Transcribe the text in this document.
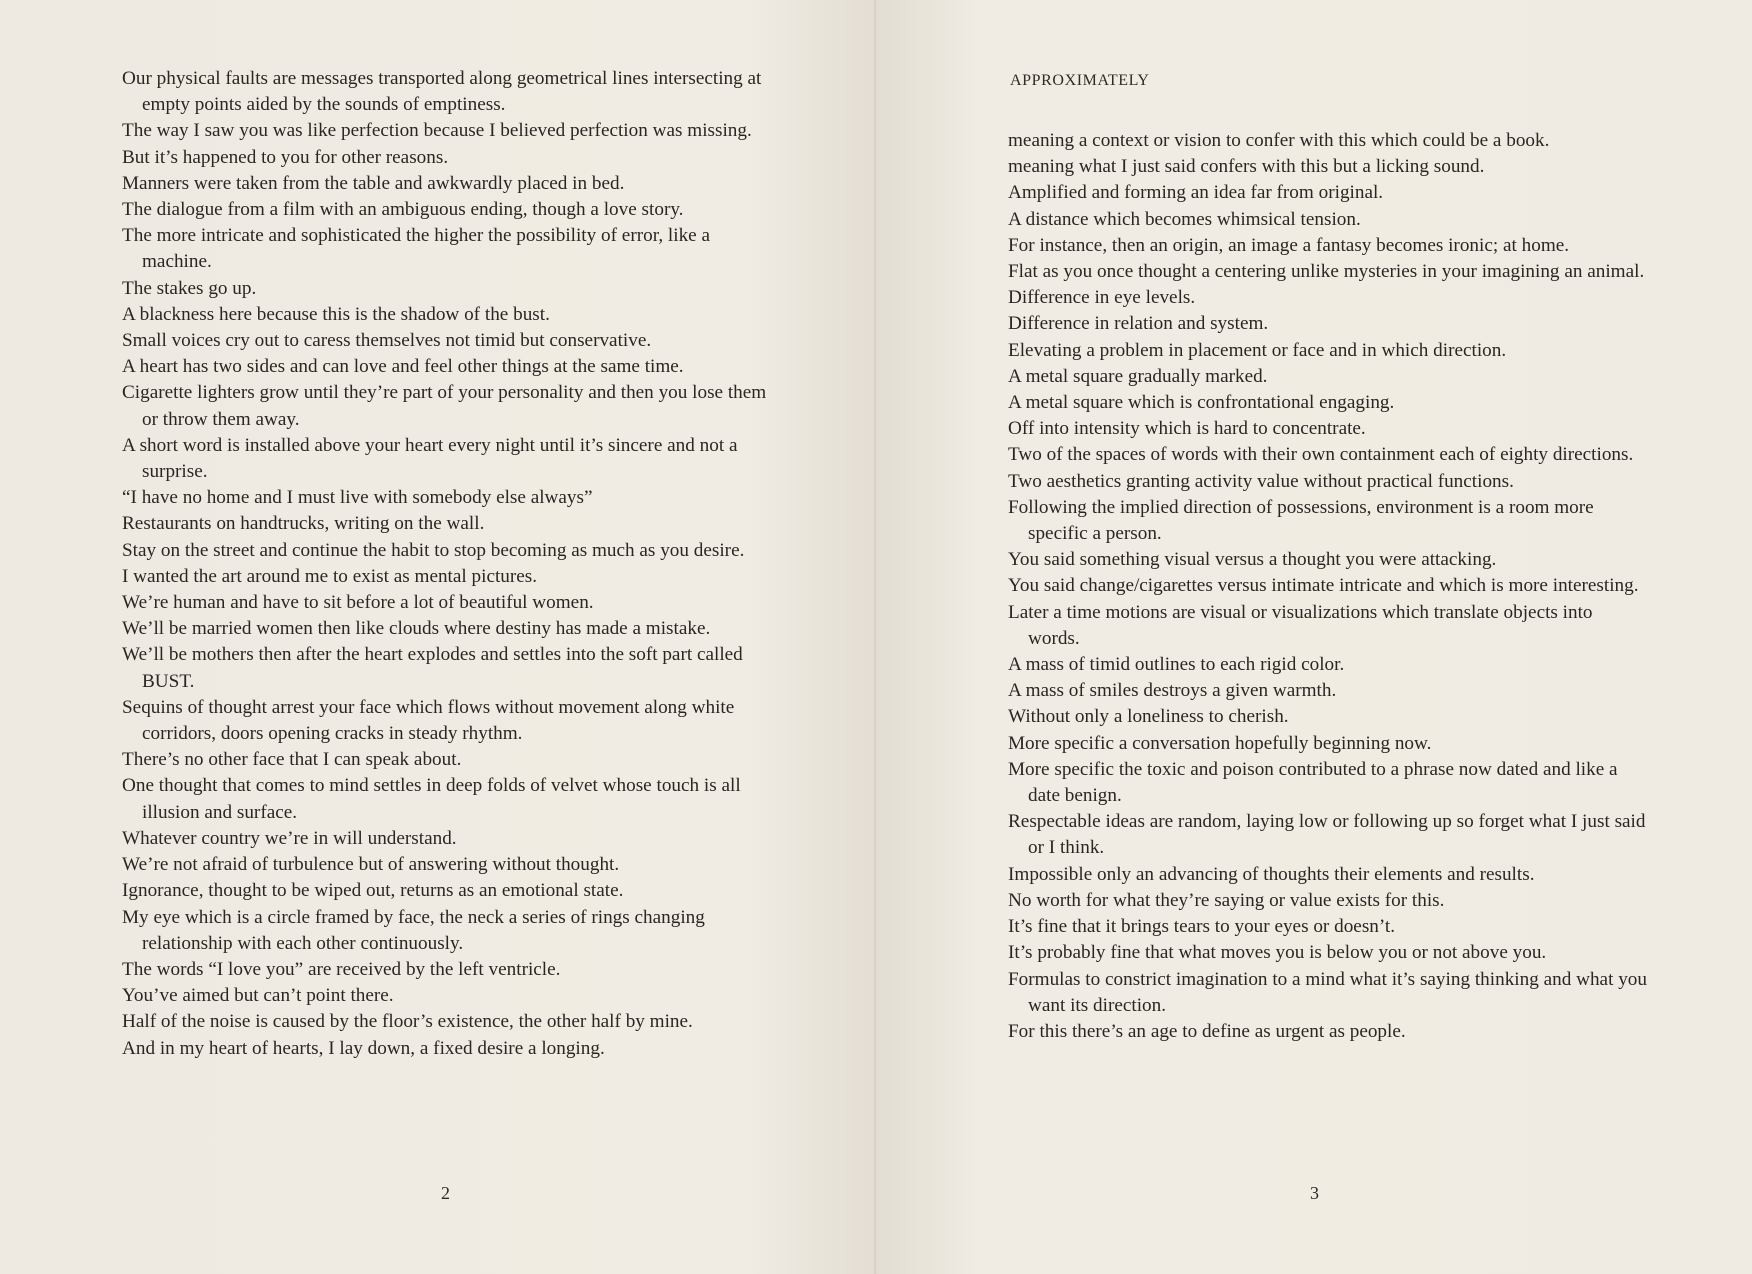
Our physical faults are messages transported along geometrical lines intersecting at empty points aided by the sounds of emptiness.
The way I saw you was like perfection because I believed perfection was missing.
But it’s happened to you for other reasons.
Manners were taken from the table and awkwardly placed in bed.
The dialogue from a film with an ambiguous ending, though a love story.
The more intricate and sophisticated the higher the possibility of error, like a machine.
The stakes go up.
A blackness here because this is the shadow of the bust.
Small voices cry out to caress themselves not timid but conservative.
A heart has two sides and can love and feel other things at the same time.
Cigarette lighters grow until they’re part of your personality and then you lose them or throw them away.
A short word is installed above your heart every night until it’s sincere and not a surprise.
“I have no home and I must live with somebody else always”
Restaurants on handtrucks, writing on the wall.
Stay on the street and continue the habit to stop becoming as much as you desire.
I wanted the art around me to exist as mental pictures.
We’re human and have to sit before a lot of beautiful women.
We’ll be married women then like clouds where destiny has made a mistake.
We’ll be mothers then after the heart explodes and settles into the soft part called BUST.
Sequins of thought arrest your face which flows without movement along white corridors, doors opening cracks in steady rhythm.
There’s no other face that I can speak about.
One thought that comes to mind settles in deep folds of velvet whose touch is all illusion and surface.
Whatever country we’re in will understand.
We’re not afraid of turbulence but of answering without thought.
Ignorance, thought to be wiped out, returns as an emotional state.
My eye which is a circle framed by face, the neck a series of rings changing relationship with each other continuously.
The words “I love you” are received by the left ventricle.
You’ve aimed but can’t point there.
Half of the noise is caused by the floor’s existence, the other half by mine.
And in my heart of hearts, I lay down, a fixed desire a longing.
2
APPROXIMATELY
meaning a context or vision to confer with this which could be a book.
meaning what I just said confers with this but a licking sound.
Amplified and forming an idea far from original.
A distance which becomes whimsical tension.
For instance, then an origin, an image a fantasy becomes ironic; at home.
Flat as you once thought a centering unlike mysteries in your imagining an animal.
Difference in eye levels.
Difference in relation and system.
Elevating a problem in placement or face and in which direction.
A metal square gradually marked.
A metal square which is confrontational engaging.
Off into intensity which is hard to concentrate.
Two of the spaces of words with their own containment each of eighty directions.
Two aesthetics granting activity value without practical functions.
Following the implied direction of possessions, environment is a room more specific a person.
You said something visual versus a thought you were attacking.
You said change/cigarettes versus intimate intricate and which is more interesting.
Later a time motions are visual or visualizations which translate objects into words.
A mass of timid outlines to each rigid color.
A mass of smiles destroys a given warmth.
Without only a loneliness to cherish.
More specific a conversation hopefully beginning now.
More specific the toxic and poison contributed to a phrase now dated and like a date benign.
Respectable ideas are random, laying low or following up so forget what I just said or I think.
Impossible only an advancing of thoughts their elements and results.
No worth for what they’re saying or value exists for this.
It’s fine that it brings tears to your eyes or doesn’t.
It’s probably fine that what moves you is below you or not above you.
Formulas to constrict imagination to a mind what it’s saying thinking and what you want its direction.
For this there’s an age to define as urgent as people.
3
